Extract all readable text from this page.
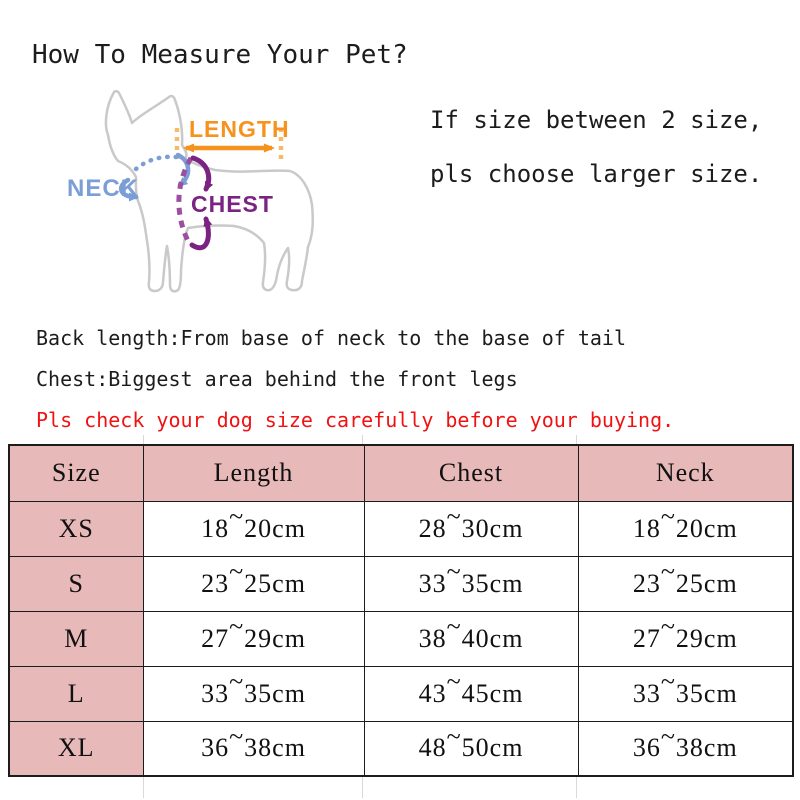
How To Measure Your Pet?
If size between 2 size,
pls choose larger size.
LENGTH
NECK
CHEST
Back length:From base of neck to the base of tail
Chest:Biggest area behind the front legs
Pls check your dog size carefully before your buying.
Size	Length	Chest	Neck
XS	18~20cm	28~30cm	18~20cm
S	23~25cm	33~35cm	23~25cm
M	27~29cm	38~40cm	27~29cm
L	33~35cm	43~45cm	33~35cm
XL	36~38cm	48~50cm	36~38cm
